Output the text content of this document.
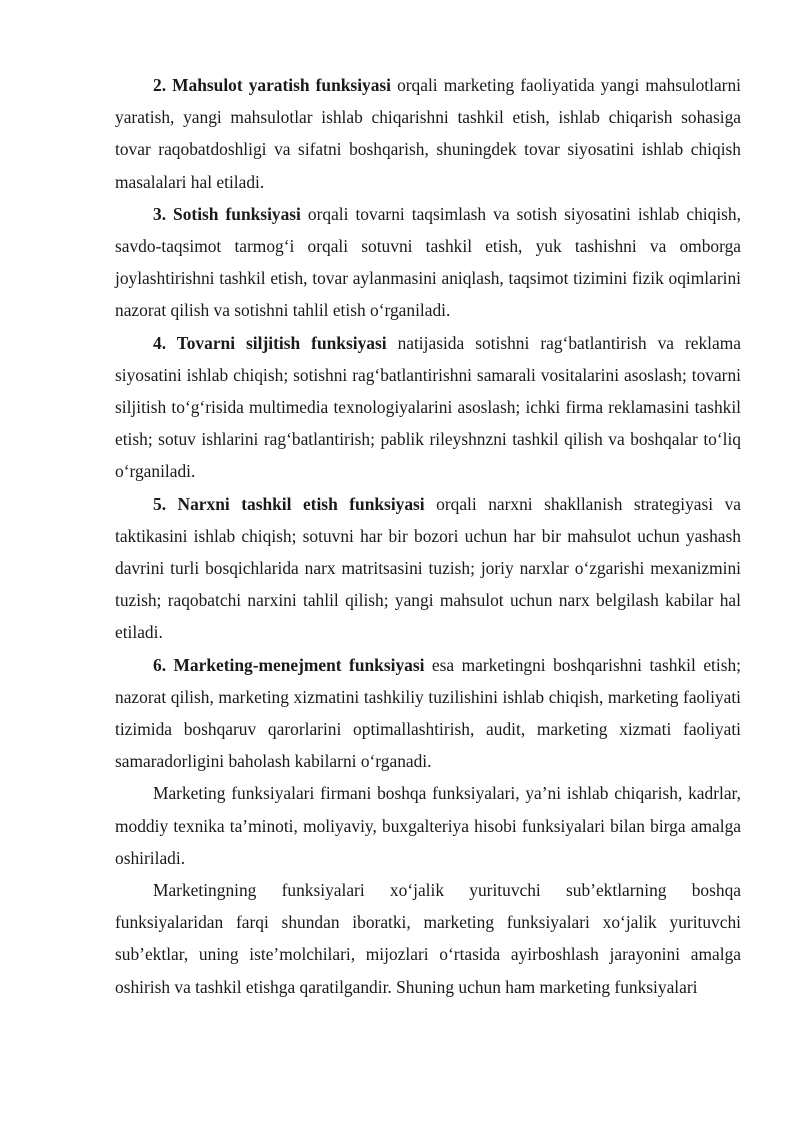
2. Mahsulot yaratish funksiyasi orqali marketing faoliyatida yangi mahsulotlarni yaratish, yangi mahsulotlar ishlab chiqarishni tashkil etish, ishlab chiqarish sohasiga tovar raqobatdoshligi va sifatni boshqarish, shuningdek tovar siyosatini ishlab chiqish masalalari hal etiladi.

3. Sotish funksiyasi orqali tovarni taqsimlash va sotish siyosatini ishlab chiqish, savdo-taqsimot tarmog‘i orqali sotuvni tashkil etish, yuk tashishni va omborga joylashtirishni tashkil etish, tovar aylanmasini aniqlash, taqsimot tizimini fizik oqimlarini nazorat qilish va sotishni tahlil etish o‘rganiladi.

4. Tovarni siljitish funksiyasi natijasida sotishni rag‘batlantirish va reklama siyosatini ishlab chiqish; sotishni rag‘batlantirishni samarali vositalarini asoslash; tovarni siljitish to‘g‘risida multimedia texnologiyalarini asoslash; ichki firma reklamasini tashkil etish; sotuv ishlarini rag‘batlantirish; pablik rileyshnzni tashkil qilish va boshqalar to‘liq o‘rganiladi.

5. Narxni tashkil etish funksiyasi orqali narxni shakllanish strategiyasi va taktikasini ishlab chiqish; sotuvni har bir bozori uchun har bir mahsulot uchun yashash davrini turli bosqichlarida narx matritsasini tuzish; joriy narxlar o‘zgarishi mexanizmini tuzish; raqobatchi narxini tahlil qilish; yangi mahsulot uchun narx belgilash kabilar hal etiladi.

6. Marketing-menejment funksiyasi esa marketingni boshqarishni tashkil etish; nazorat qilish, marketing xizmatini tashkiliy tuzilishini ishlab chiqish, marketing faoliyati tizimida boshqaruv qarorlarini optimallashtirish, audit, marketing xizmati faoliyati samaradorligini baholash kabilarni o‘rganadi.

Marketing funksiyalari firmani boshqa funksiyalari, ya’ni ishlab chiqarish, kadrlar, moddiy texnika ta’minoti, moliyaviy, buxgalteriya hisobi funksiyalari bilan birga amalga oshiriladi.

Marketingning funksiyalari xo‘jalik yurituvchi sub’ektlarning boshqa funksiyalaridan farqi shundan iboratki, marketing funksiyalari xo‘jalik yurituvchi sub’ektlar, uning iste’molchilari, mijozlari o‘rtasida ayirboshlash jarayonini amalga oshirish va tashkil etishga qaratilgandir. Shuning uchun ham marketing funksiyalari
